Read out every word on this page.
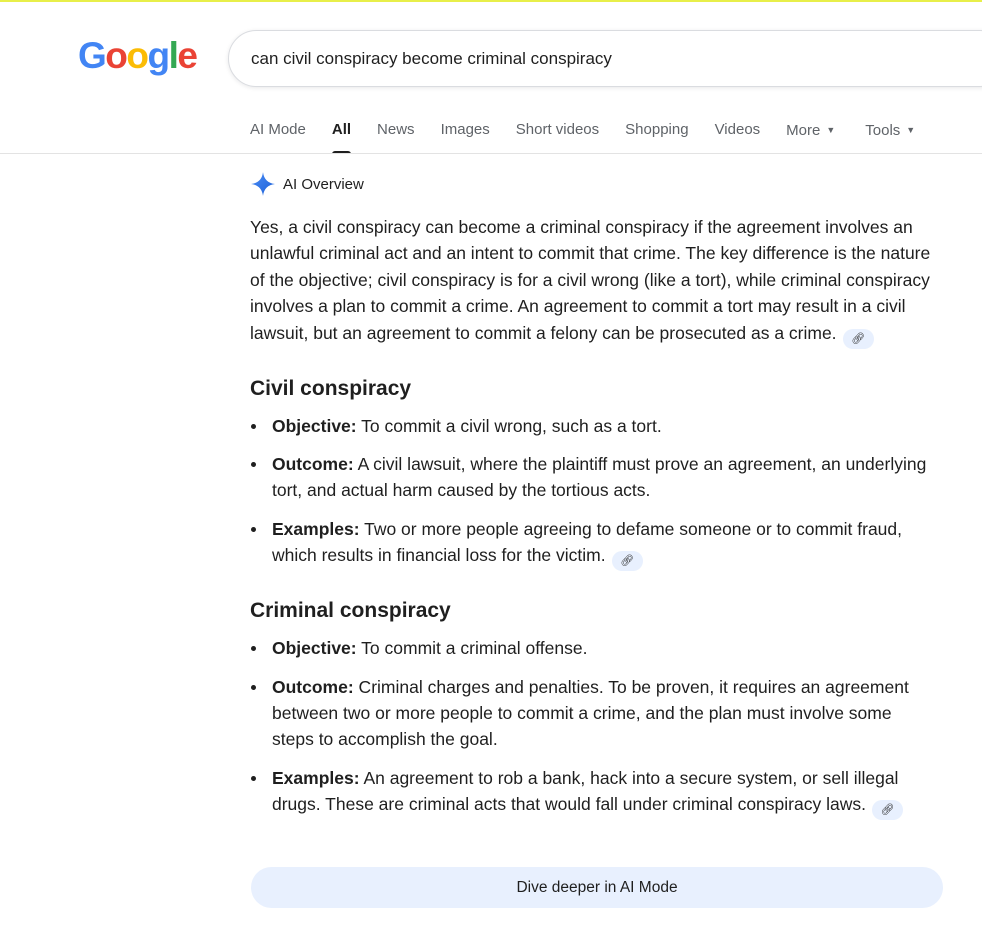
Google
can civil conspiracy become criminal conspiracy
AI Mode All News Images Short videos Shopping Videos More ▼ Tools ▼
AI Overview

Yes, a civil conspiracy can become a criminal conspiracy if the agreement involves an unlawful criminal act and an intent to commit that crime. The key difference is the nature of the objective; civil conspiracy is for a civil wrong (like a tort), while criminal conspiracy involves a plan to commit a crime. An agreement to commit a tort may result in a civil lawsuit, but an agreement to commit a felony can be prosecuted as a crime. 🔗︎

Civil conspiracy
Objective: To commit a civil wrong, such as a tort.
Outcome: A civil lawsuit, where the plaintiff must prove an agreement, an underlying tort, and actual harm caused by the tortious acts.
Examples: Two or more people agreeing to defame someone or to commit fraud, which results in financial loss for the victim. 🔗︎
Criminal conspiracy
Objective: To commit a criminal offense.
Outcome: Criminal charges and penalties. To be proven, it requires an agreement between two or more people to commit a crime, and the plan must involve some steps to accomplish the goal.
Examples: An agreement to rob a bank, hack into a secure system, or sell illegal drugs. These are criminal acts that would fall under criminal conspiracy laws. 🔗︎
Dive deeper in AI Mode
